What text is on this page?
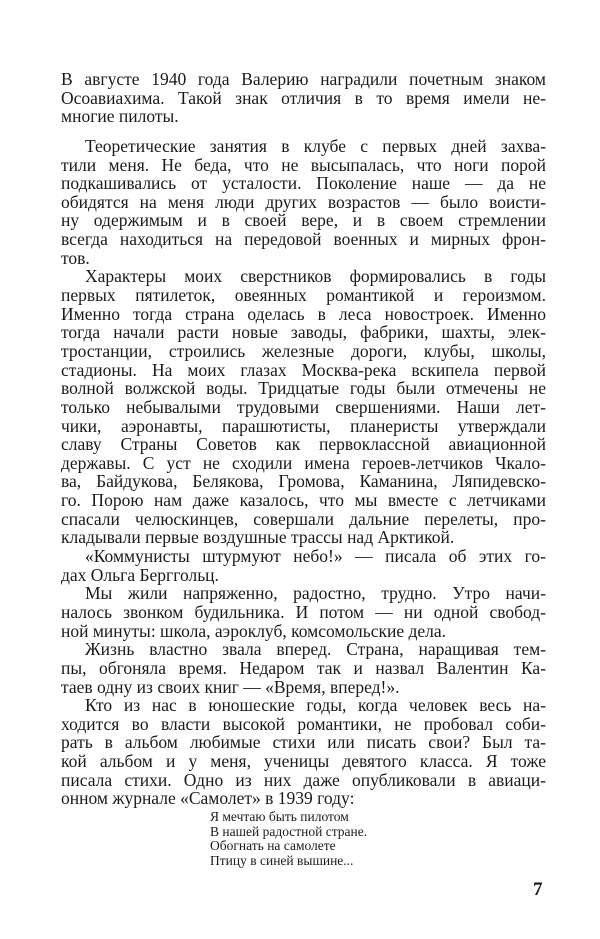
В августе 1940 года Валерию наградили почетным знаком
Осоавиахима. Такой знак отличия в то время имели не-
многие пилоты.
Теоретические занятия в клубе с первых дней захва-
тили меня. Не беда, что не высыпалась, что ноги порой
подкашивались от усталости. Поколение наше — да не
обидятся на меня люди других возрастов — было воисти-
ну одержимым и в своей вере, и в своем стремлении
всегда находиться на передовой военных и мирных фрон-
тов.
Характеры моих сверстников формировались в годы
первых пятилеток, овеянных романтикой и героизмом.
Именно тогда страна оделась в леса новостроек. Именно
тогда начали расти новые заводы, фабрики, шахты, элек-
тростанции, строились железные дороги, клубы, школы,
стадионы. На моих глазах Москва-река вскипела первой
волной волжской воды. Тридцатые годы были отмечены не
только небывалыми трудовыми свершениями. Наши лет-
чики, аэронавты, парашютисты, планеристы утверждали
славу Страны Советов как первоклассной авиационной
державы. С уст не сходили имена героев-летчиков Чкало-
ва, Байдукова, Белякова, Громова, Каманина, Ляпидевско-
го. Порою нам даже казалось, что мы вместе с летчиками
спасали челюскинцев, совершали дальние перелеты, про-
кладывали первые воздушные трассы над Арктикой.
«Коммунисты штурмуют небо!» — писала об этих го-
дах Ольга Берггольц.
Мы жили напряженно, радостно, трудно. Утро начи-
налось звонком будильника. И потом — ни одной свобод-
ной минуты: школа, аэроклуб, комсомольские дела.
Жизнь властно звала вперед. Страна, наращивая тем-
пы, обгоняла время. Недаром так и назвал Валентин Ка-
таев одну из своих книг — «Время, вперед!».
Кто из нас в юношеские годы, когда человек весь на-
ходится во власти высокой романтики, не пробовал соби-
рать в альбом любимые стихи или писать свои? Был та-
кой альбом и у меня, ученицы девятого класса. Я тоже
писала стихи. Одно из них даже опубликовали в авиаци-
онном журнале «Самолет» в 1939 году:
Я мечтаю быть пилотом
В нашей радостной стране.
Обогнать на самолете
Птицу в синей вышине...
7
